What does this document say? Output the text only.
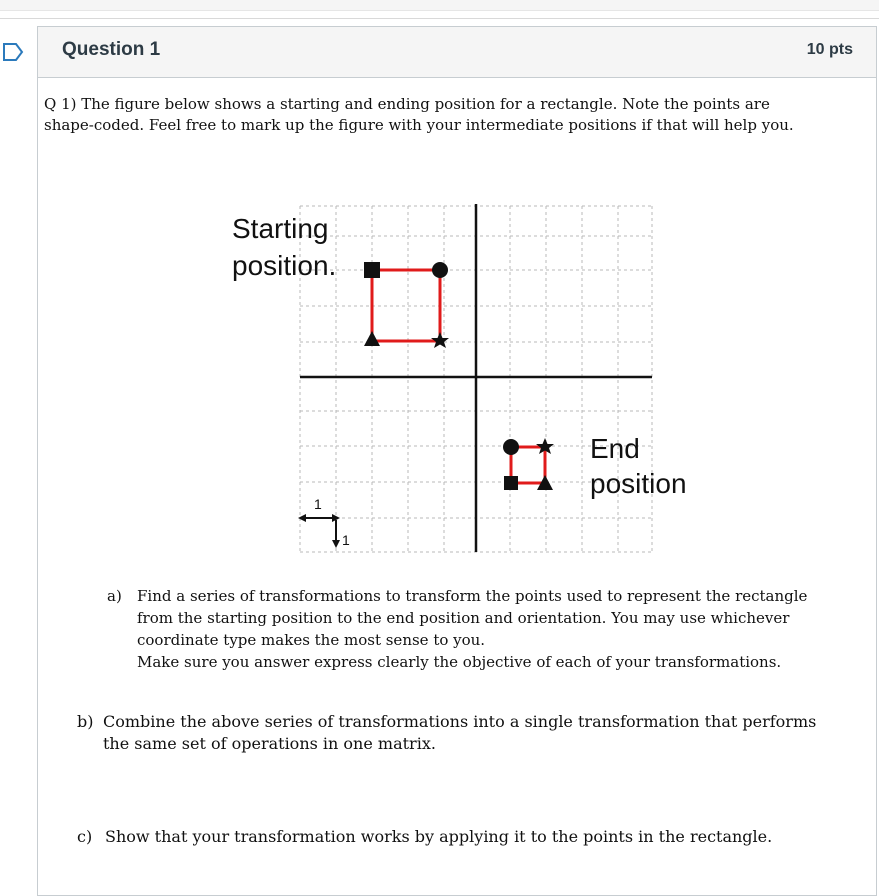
Question 1	10 pts
Q 1) The figure below shows a starting and ending position for a rectangle. Note the points are shape-coded. Feel free to mark up the figure with your intermediate positions if that will help you.
Starting
position.
End
position
1
1
a) Find a series of transformations to transform the points used to represent the rectangle from the starting position to the end position and orientation. You may use whichever coordinate type makes the most sense to you.
Make sure you answer express clearly the objective of each of your transformations.
b) Combine the above series of transformations into a single transformation that performs the same set of operations in one matrix.
c) Show that your transformation works by applying it to the points in the rectangle.
